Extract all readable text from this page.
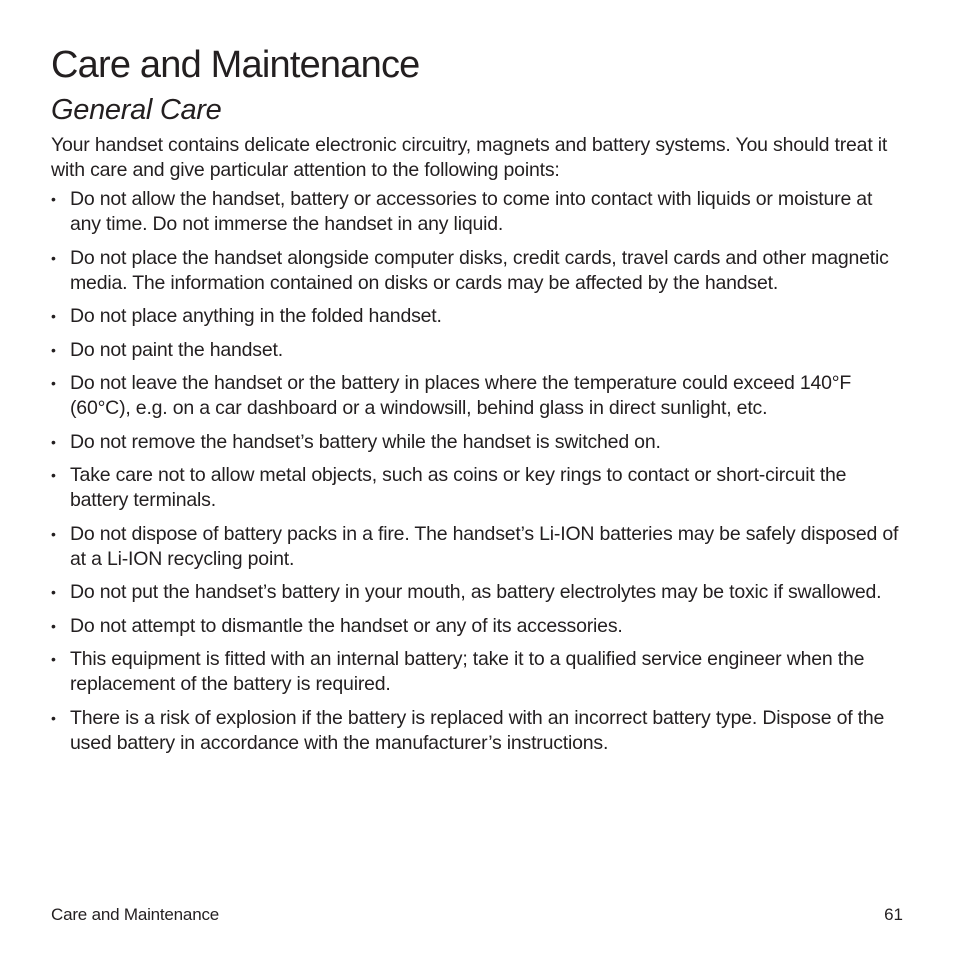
Care and Maintenance
General Care

Your handset contains delicate electronic circuitry, magnets and battery systems. You should treat it with care and give particular attention to the following points:

• Do not allow the handset, battery or accessories to come into contact with liquids or moisture at any time. Do not immerse the handset in any liquid.
• Do not place the handset alongside computer disks, credit cards, travel cards and other magnetic media. The information contained on disks or cards may be affected by the handset.
• Do not place anything in the folded handset.
• Do not paint the handset.
• Do not leave the handset or the battery in places where the temperature could exceed 140°F (60°C), e.g. on a car dashboard or a windowsill, behind glass in direct sunlight, etc.
• Do not remove the handset’s battery while the handset is switched on.
• Take care not to allow metal objects, such as coins or key rings to contact or short-circuit the battery terminals.
• Do not dispose of battery packs in a fire. The handset’s Li-ION batteries may be safely disposed of at a Li-ION recycling point.
• Do not put the handset’s battery in your mouth, as battery electrolytes may be toxic if swallowed.
• Do not attempt to dismantle the handset or any of its accessories.
• This equipment is fitted with an internal battery; take it to a qualified service engineer when the replacement of the battery is required.
• There is a risk of explosion if the battery is replaced with an incorrect battery type. Dispose of the used battery in accordance with the manufacturer’s instructions.
Care and Maintenance	61
